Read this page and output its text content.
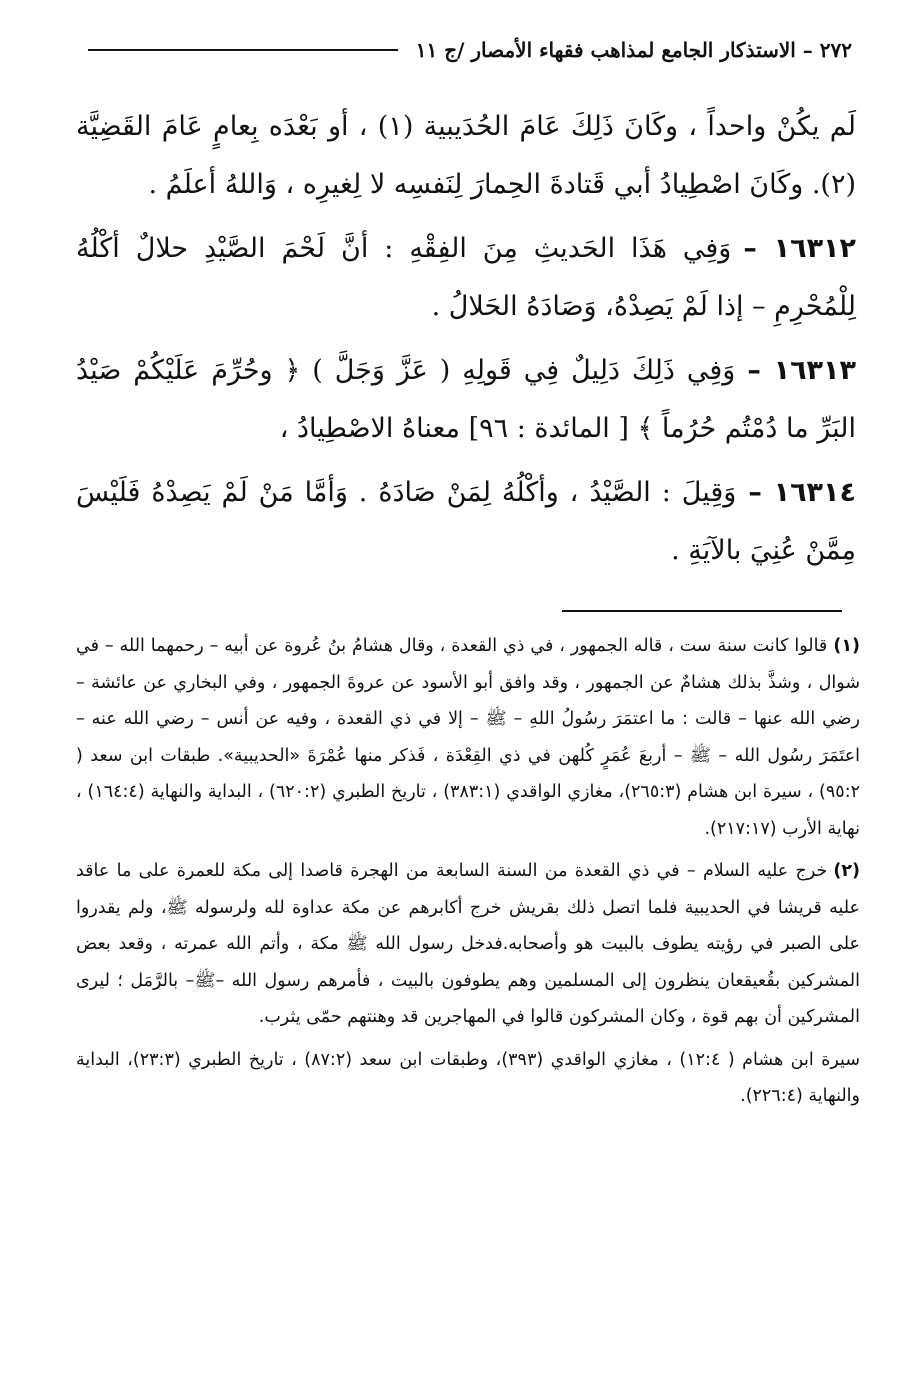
٢٧٢ – الاستذكار الجامع لمذاهب فقهاء الأمصار /ج ١١

لَم يكُنْ واحداً ، وكَانَ ذَلِكَ عَامَ الحُدَيبية (١) ، أو بَعْدَه بِعامٍ عَامَ القَضِيَّة (٢). وكَانَ اصْطِيادُ أبي قَتادةَ الحِمارَ لِنَفسِه لا لِغيرِه ، وَاللهُ أعلَمُ .

١٦٣١٢ –وَفِي هَذَا الحَديثِ مِنَ الفِقْهِ : أنَّ لَحْمَ الصَّيْدِ حلالٌ أكْلُهُ لِلْمُحْرِمِ – إذا لَمْ يَصِدْهُ، وَصَادَهُ الحَلالُ .

١٦٣١٣ –وَفِي ذَلِكَ دَلِيلٌ فِي قَولِهِ ( عَزَّ وَجَلَّ ) ﴿ وحُرِّمَ عَلَيْكُمْ صَيْدُ البَرِّ ما دُمْتُم حُرُماً ﴾ [ المائدة : ٩٦] معناهُ الاصْطِيادُ ،

١٦٣١٤ –وَقِيلَ : الصَّيْدُ ، وأكْلُهُ لِمَنْ صَادَهُ . وَأمَّا مَنْ لَمْ يَصِدْهُ فَلَيْسَ مِمَّنْ عُنِيَ بالآيَةِ .

(١)قالوا كانت سنة ست ، قاله الجمهور ، في ذي القعدة ، وقال هشامُ بنُ عُروة عن أبيه – رحمهما الله – في شوال ، وشذَّ بذلك هشامٌ عن الجمهور ، وقد وافق أبو الأسود عن عروةَ الجمهور ، وفي البخاري عن عائشة – رضي الله عنها – قالت : ما اعتمَرَ رسُولُ اللهِ – ﷺ – إلا في ذي القعدة ، وفيه عن أنس – رضي الله عنه – اعتَمَرَ رسُول الله – ﷺ – أربعَ عُمَرٍ كُلهن في ذي القِعْدَة ، فَذكر منها عُمْرَةَ «الحديبية». طبقات ابن سعد ( ٩٥:٢) ، سيرة ابن هشام (٢٦٥:٣)، مغازي الواقدي (٣٨٣:١) ، تاريخ الطبري (٦٢٠:٢) ، البداية والنهاية (١٦٤:٤) ، نهاية الأرب (٢١٧:١٧).

(٢)خرج عليه السلام – في ذي القعدة من السنة السابعة من الهجرة قاصدا إلى مكة للعمرة على ما عاقد عليه قريشا في الحديبية فلما اتصل ذلك بقريش خرج أكابرهم عن مكة عداوة لله ولرسوله ﷺ، ولم يقدروا على الصبر في رؤيته يطوف بالبيت هو وأصحابه.فدخل رسول الله ﷺ مكة ، وأتم الله عمرته ، وقعد بعض المشركين بقُعيقعان ينظرون إلى المسلمين وهم يطوفون بالبيت ، فأمرهم رسول الله –ﷺ– بالرَّمَل ؛ ليرى المشركين أن بهم قوة ، وكان المشركون قالوا في المهاجرين قد وهنتهم حمّى يثرب.

سيرة ابن هشام ( ١٢:٤) ، مغازي الواقدي (٣٩٣)، وطبقات ابن سعد (٨٧:٢) ، تاريخ الطبري (٢٣:٣)، البداية والنهاية (٢٢٦:٤).
